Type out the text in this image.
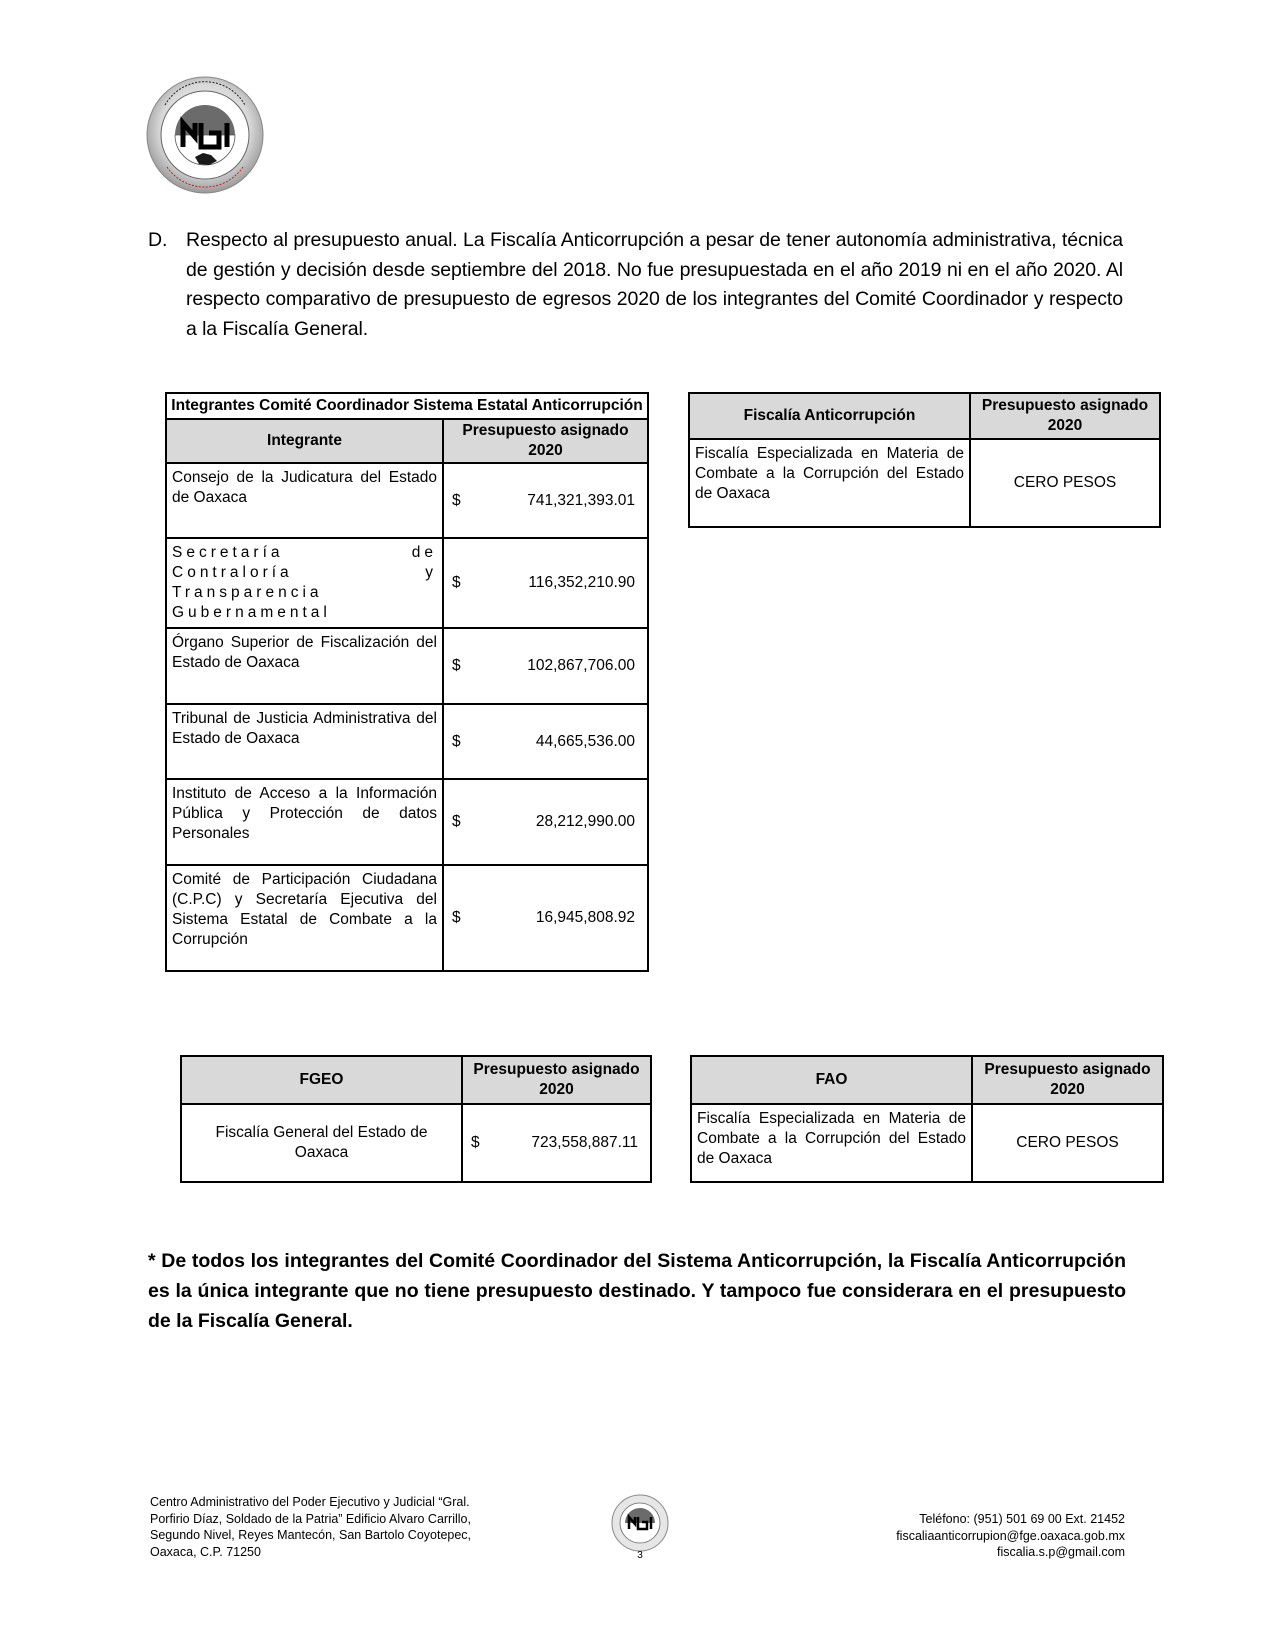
D. Respecto al presupuesto anual. La Fiscalía Anticorrupción a pesar de tener autonomía administrativa, técnica de gestión y decisión desde septiembre del 2018. No fue presupuestada en el año 2019 ni en el año 2020. Al respecto comparativo de presupuesto de egresos 2020 de los integrantes del Comité Coordinador y respecto a la Fiscalía General.
Integrantes Comité Coordinador Sistema Estatal Anticorrupción	
Integrante	Presupuesto asignado 2020
Consejo de la Judicatura del Estado de Oaxaca	$ 741,321,393.01

Secretaría de Contraloría y Transparencia Gubernamental	$ 116,352,210.90

Órgano Superior de Fiscalización del Estado de Oaxaca	$ 102,867,706.00

Tribunal de Justicia Administrativa del Estado de Oaxaca	$ 44,665,536.00

Instituto de Acceso a la Información Pública y Protección de datos Personales	$ 28,212,990.00

Comité de Participación Ciudadana (C.P.C) y Secretaría Ejecutiva del Sistema Estatal de Combate a la Corrupción	$ 16,945,808.92
Fiscalía Anticorrupción	Presupuesto asignado 2020
Fiscalía Especializada en Materia de Combate a la Corrupción del Estado de Oaxaca	CERO PESOS
FGEO	Presupuesto asignado 2020
Fiscalía General del Estado de Oaxaca	$ 723,558,887.11
FAO	Presupuesto asignado 2020
Fiscalía Especializada en Materia de Combate a la Corrupción del Estado de Oaxaca	CERO PESOS
* De todos los integrantes del Comité Coordinador del Sistema Anticorrupción, la Fiscalía Anticorrupción es la única integrante que no tiene presupuesto destinado. Y tampoco fue considerara en el presupuesto de la Fiscalía General.
Centro Administrativo del Poder Ejecutivo y Judicial “Gral.
Porfirio Díaz, Soldado de la Patria” Edificio Alvaro Carrillo,
Segundo Nivel, Reyes Mantecón, San Bartolo Coyotepec,
Oaxaca, C.P. 71250	3
Teléfono: (951) 501 69 00 Ext. 21452
fiscaliaanticorrupion@fge.oaxaca.gob.mx
fiscalia.s.p@gmail.com
